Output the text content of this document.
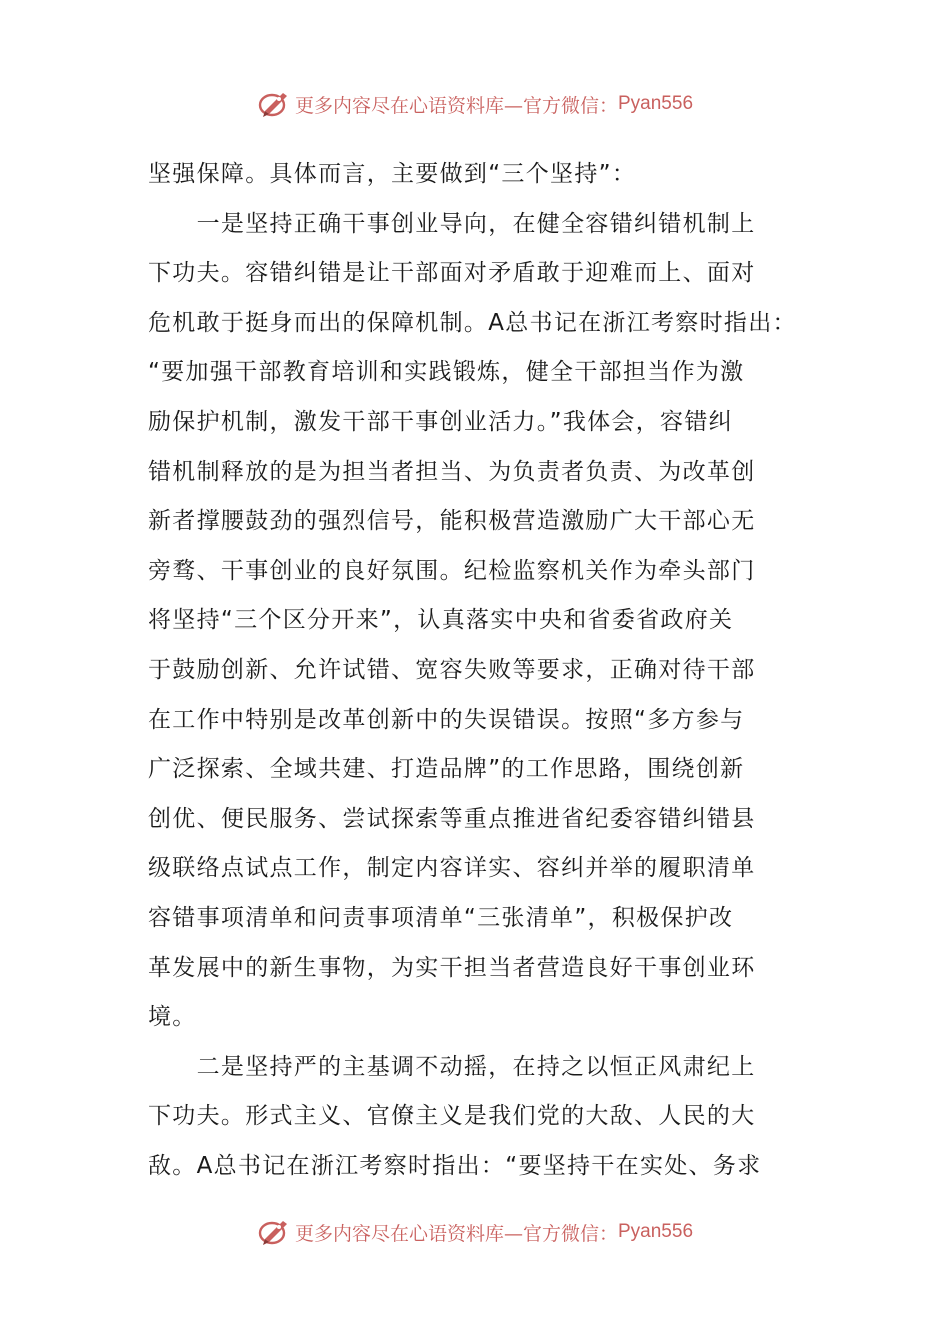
更多内容尽在心语资料库—官方微信： Pyan556
坚强保障。具体而言，主要做到“三个坚持”：
　　一是坚持正确干事创业导向，在健全容错纠错机制上
下功夫。容错纠错是让干部面对矛盾敢于迎难而上、面对
危机敢于挺身而出的保障机制。A总书记在浙江考察时指出：
“要加强干部教育培训和实践锻炼，健全干部担当作为激
励保护机制，激发干部干事创业活力。”我体会，容错纠
错机制释放的是为担当者担当、为负责者负责、为改革创
新者撑腰鼓劲的强烈信号，能积极营造激励广大干部心无
旁骛、干事创业的良好氛围。纪检监察机关作为牵头部门
将坚持“三个区分开来”，认真落实中央和省委省政府关
于鼓励创新、允许试错、宽容失败等要求，正确对待干部
在工作中特别是改革创新中的失误错误。按照“多方参与
广泛探索、全域共建、打造品牌”的工作思路，围绕创新
创优、便民服务、尝试探索等重点推进省纪委容错纠错县
级联络点试点工作，制定内容详实、容纠并举的履职清单
容错事项清单和问责事项清单“三张清单”，积极保护改
革发展中的新生事物，为实干担当者营造良好干事创业环
境。
　　二是坚持严的主基调不动摇，在持之以恒正风肃纪上
下功夫。形式主义、官僚主义是我们党的大敌、人民的大
敌。A总书记在浙江考察时指出：“要坚持干在实处、务求
更多内容尽在心语资料库—官方微信： Pyan556
